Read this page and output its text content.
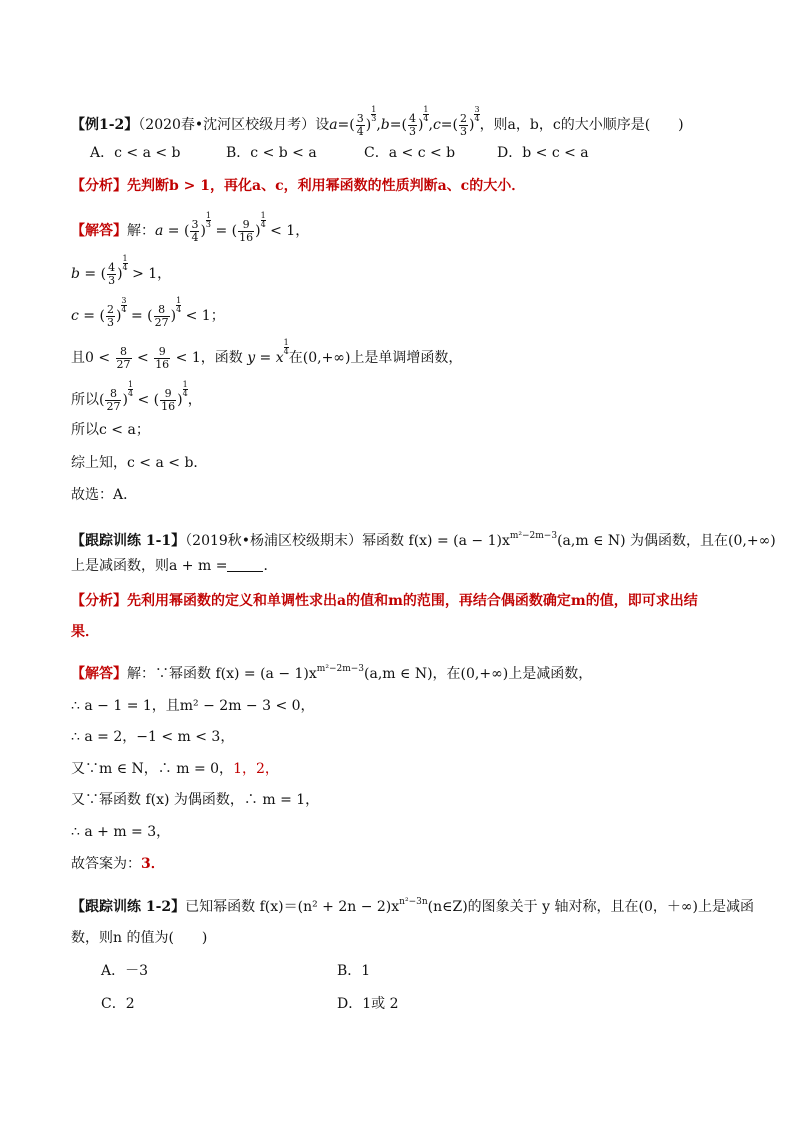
【例1-2】（2020春•沈河区校级月考）设$a=( \frac{3}{4}$ )
$\frac{1}{3}$
$,b=( \frac{4}{3}$ )
$\frac{1}{4}$
$,c=( \frac{2}{3}$ )
$\frac{3}{4}$
，则a，b，c的大小顺序是(　　)
A．c < a < b	B．c < b < a	C．a < c < b	D．b < c < a
【分析】先判断b > 1，再化a、c，利用幂函数的性质判断a、c的大小．
【解答】解：a = ( $\frac{3}{4}$ )
$\frac{1}{3}$
= ( $\frac{9}{16}$ )
$\frac{1}{4}$
< 1，
b = ( $\frac{4}{3}$ )
$\frac{1}{4}$
> 1，
c = ( $\frac{2}{3}$ )
$\frac{3}{4}$
= ( $\frac{8}{27}$ )
$\frac{1}{4}$
< 1；
且$0 < \frac{8}{27} < \frac{9}{16} < 1$，函数 y = x
$\frac{1}{4}$
在(0,+∞)上是单调增函数，
所以( $\frac{8}{27}$ )
$\frac{1}{4}$
< ( $\frac{9}{16}$ )
$\frac{1}{4}$
，
所以c < a；
综上知，c < a < b．
故选：A．
【跟踪训练 1-1】（2019秋•杨浦区校级期末）幂函数 $f(x) = (a - 1)x^{m^2-2m-3}(a,m$ ∈ N) 为偶函数，且在(0,+∞)
上是减函数，则a + m =	．
【分析】先利用幂函数的定义和单调性求出a的值和m的范围，再结合偶函数确定m的值，即可求出结
果．
【解答】解：∵幂函数 $f(x) = (a - 1)x^{m^2-2m-3}(a,m$ ∈ N)，在(0,+∞)上是减函数，
∴ a − 1 = 1，且m² − 2m − 3 < 0，
∴ a = 2，−1 < m < 3，
又∵m ∈ N，∴ m = 0，1，2，
又∵幂函数 f(x) 为偶函数，∴ m = 1，
∴ a + m = 3，
故答案为：3．
【跟踪训练 1-2】已知幂函数 $f(x)=(n^2 + 2n - 2)x^{n^2-3n}(n\in Z)$的图象关于 y 轴对称，且在(0，＋∞)上是减函
数，则n 的值为(　　)
A．－3	B．1
C．2	D．1或 2
